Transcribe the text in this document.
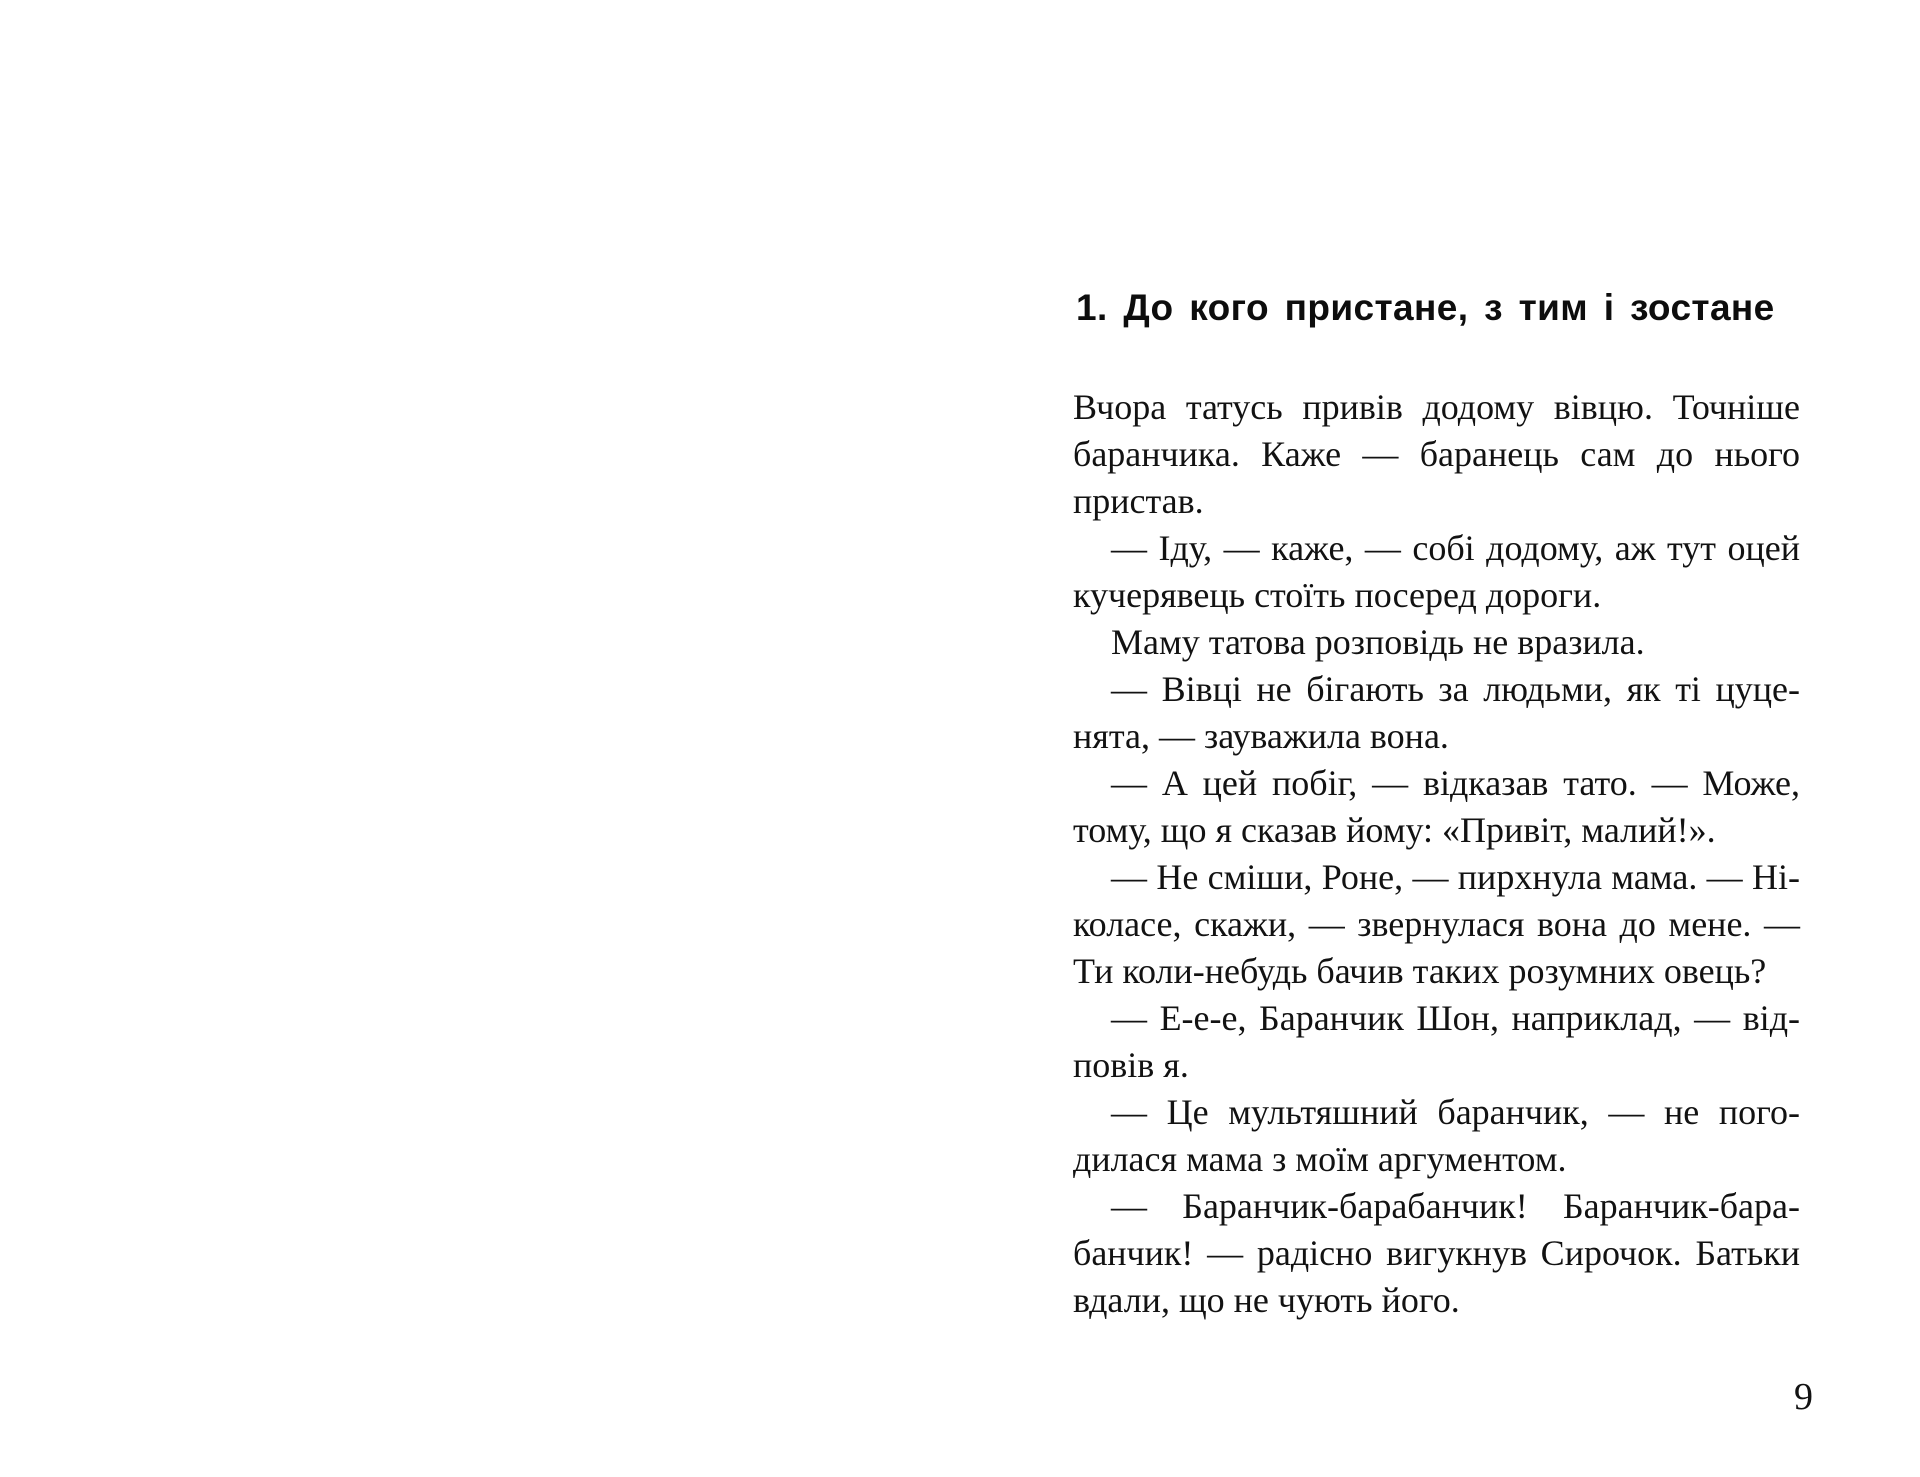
1. До кого пристане, з тим і зостане
Вчора татусь привів додому вівцю. Точніше
баранчика. Каже — баранець сам до нього
пристав.
— Іду, — каже, — собі додому, аж тут оцей
кучерявець стоїть посеред дороги.
Маму татова розповідь не вразила.
— Вівці не бігають за людьми, як ті цуце-
нята, — зауважила вона.
— А цей побіг, — відказав тато. — Може,
тому, що я сказав йому: «Привіт, малий!».
— Не сміши, Роне, — пирхнула мама. — Ні-
коласе, скажи, — звернулася вона до мене. —
Ти коли-небудь бачив таких розумних овець?
— Е-е-е, Баранчик Шон, наприклад, — від-
повів я.
— Це мультяшний баранчик, — не пого-
дилася мама з моїм аргументом.
— Баранчик-барабанчик! Баранчик-бара-
банчик! — радісно вигукнув Сирочок. Батьки
вдали, що не чують його.
9
